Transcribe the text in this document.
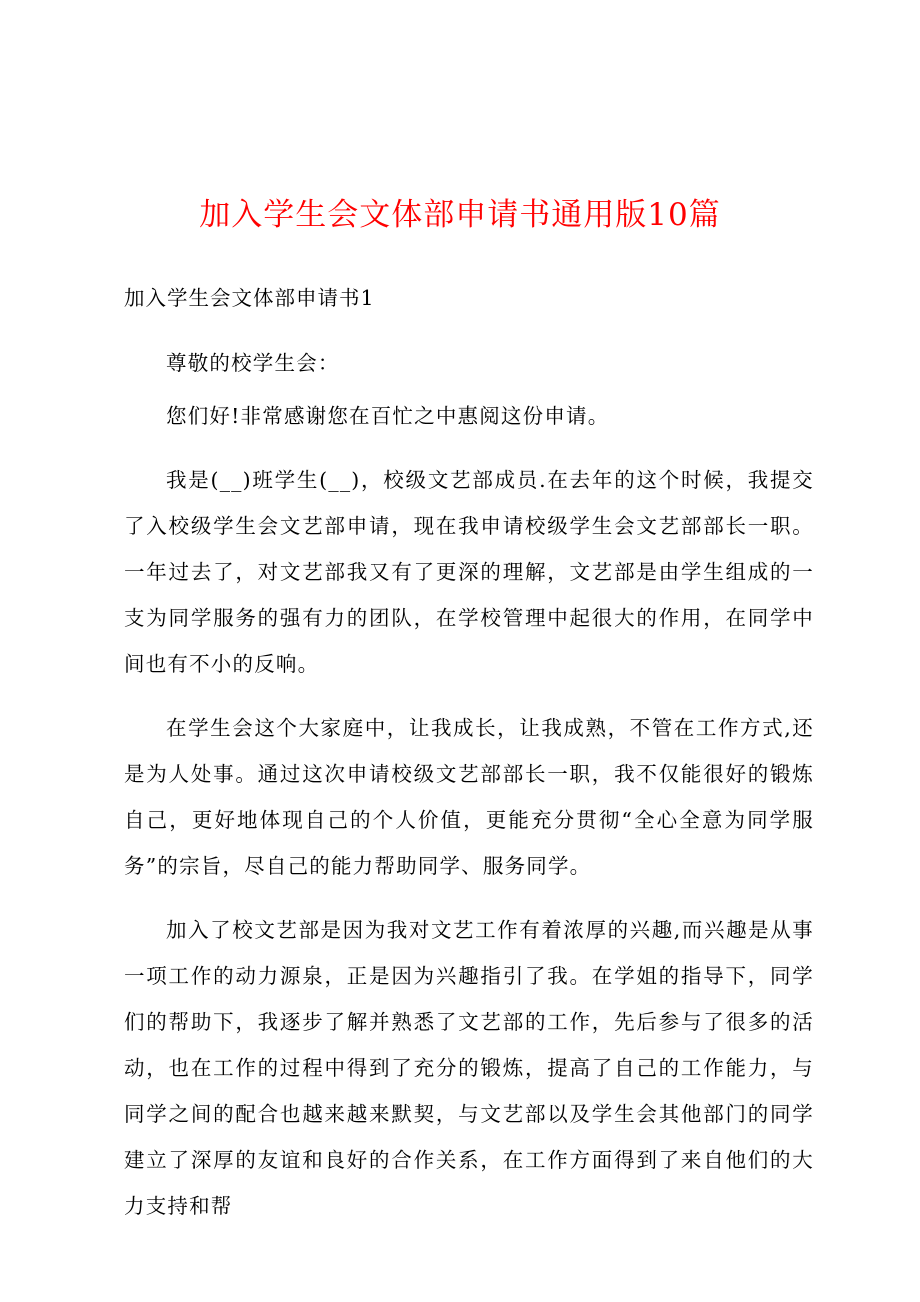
加入学生会文体部申请书通用版10篇

加入学生会文体部申请书1

尊敬的校学生会：

您们好!非常感谢您在百忙之中惠阅这份申请。

我是(__)班学生(__)，校级文艺部成员.在去年的这个时候，我提交了入校级学生会文艺部申请，现在我申请校级学生会文艺部部长一职。一年过去了，对文艺部我又有了更深的理解，文艺部是由学生组成的一支为同学服务的强有力的团队，在学校管理中起很大的作用，在同学中间也有不小的反响。

在学生会这个大家庭中，让我成长，让我成熟，不管在工作方式,还是为人处事。通过这次申请校级文艺部部长一职，我不仅能很好的锻炼自己，更好地体现自己的个人价值，更能充分贯彻“全心全意为同学服务”的宗旨，尽自己的能力帮助同学、服务同学。

加入了校文艺部是因为我对文艺工作有着浓厚的兴趣,而兴趣是从事一项工作的动力源泉，正是因为兴趣指引了我。在学姐的指导下，同学们的帮助下，我逐步了解并熟悉了文艺部的工作，先后参与了很多的活动，也在工作的过程中得到了充分的锻炼，提高了自己的工作能力，与同学之间的配合也越来越来默契，与文艺部以及学生会其他部门的同学建立了深厚的友谊和良好的合作关系，在工作方面得到了来自他们的大力支持和帮
